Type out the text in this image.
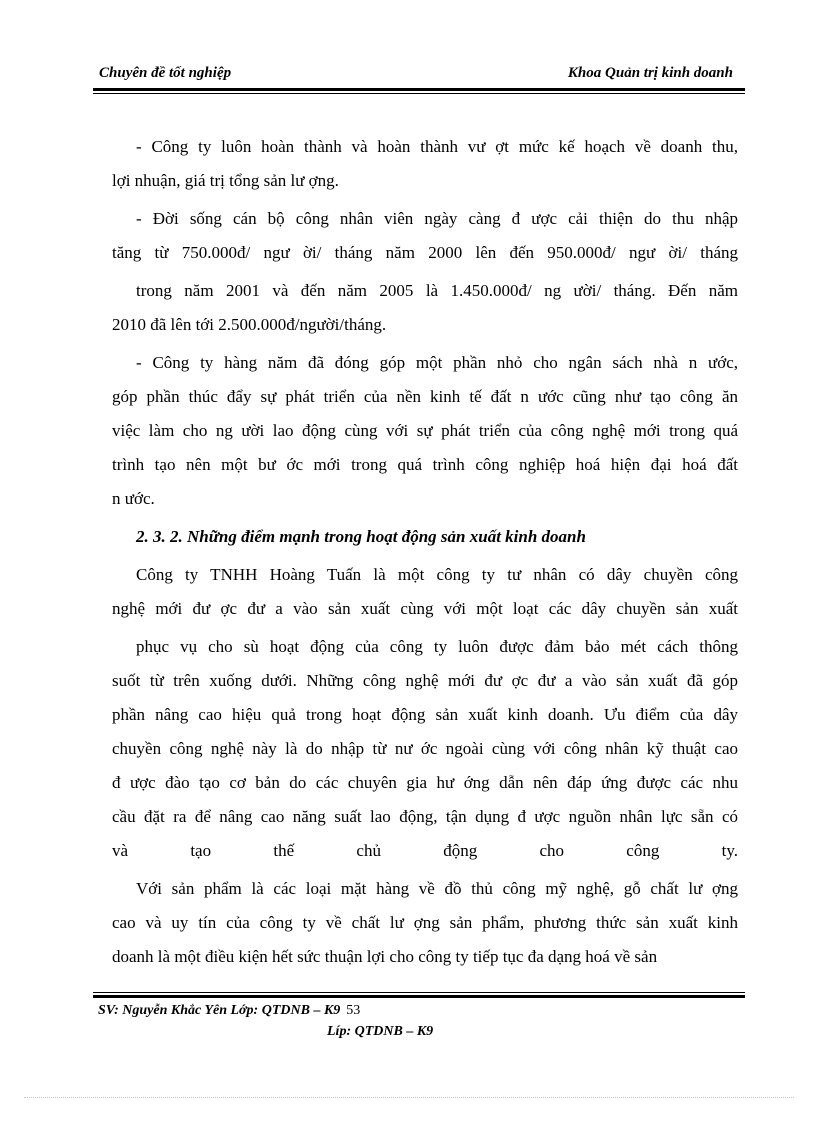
Chuyên đề tốt nghiệp	Khoa Quản trị kinh doanh

- Công ty luôn hoàn thành và hoàn thành vư ợt mức kế hoạch về doanh thu,
lợi nhuận, giá trị tổng sản lư ợng.

- Đời sống cán bộ công nhân viên ngày càng đ ược cải thiện do thu nhập
tăng từ 750.000đ/ ngư ời/ tháng năm 2000 lên đến 950.000đ/ ngư ời/ tháng
trong năm 2001 và đến năm 2005 là 1.450.000đ/ ng ười/ tháng. Đến năm
2010 đã lên tới 2.500.000đ/người/tháng.

- Công ty hàng năm đã đóng góp một phần nhỏ cho ngân sách nhà n ước,
góp phần thúc đẩy sự phát triển của nền kinh tế đất n ước cũng như tạo công ăn
việc làm cho ng ười lao động cùng với sự phát triển của công nghệ mới trong quá
trình tạo nên một bư ớc mới trong quá trình công nghiệp hoá hiện đại hoá đất
n ước.

2. 3. 2. Những điểm mạnh trong hoạt động sản xuất kinh doanh

Công ty TNHH Hoàng Tuấn là một công ty tư nhân có dây chuyền công
nghệ mới đư ợc đư a vào sản xuất cùng với một loạt các dây chuyền sản xuất
phục vụ cho sù hoạt động của công ty luôn được đảm bảo mét cách thông
suốt từ trên xuống dưới. Những công nghệ mới đư ợc đư a vào sản xuất đã góp
phần nâng cao hiệu quả trong hoạt động sản xuất kinh doanh. Ưu điểm của dây
chuyền công nghệ này là do nhập từ nư ớc ngoài cùng với công nhân kỹ thuật cao
đ ược đào tạo cơ bản do các chuyên gia hư ớng dẫn nên đáp ứng được các nhu
cầu đặt ra để nâng cao năng suất lao động, tận dụng đ ược nguồn nhân lực sẵn có
và tạo thế chủ động cho công ty.

Với sản phẩm là các loại mặt hàng về đồ thủ công mỹ nghệ, gỗ chất lư ợng
cao và uy tín của công ty về chất lư ợng sản phẩm, phương thức sản xuất kinh
doanh là một điều kiện hết sức thuận lợi cho công ty tiếp tục đa dạng hoá về sản

SV: Nguyễn Khắc Yên Lớp: QTDNB – K9 53
Líp: QTDNB – K9
